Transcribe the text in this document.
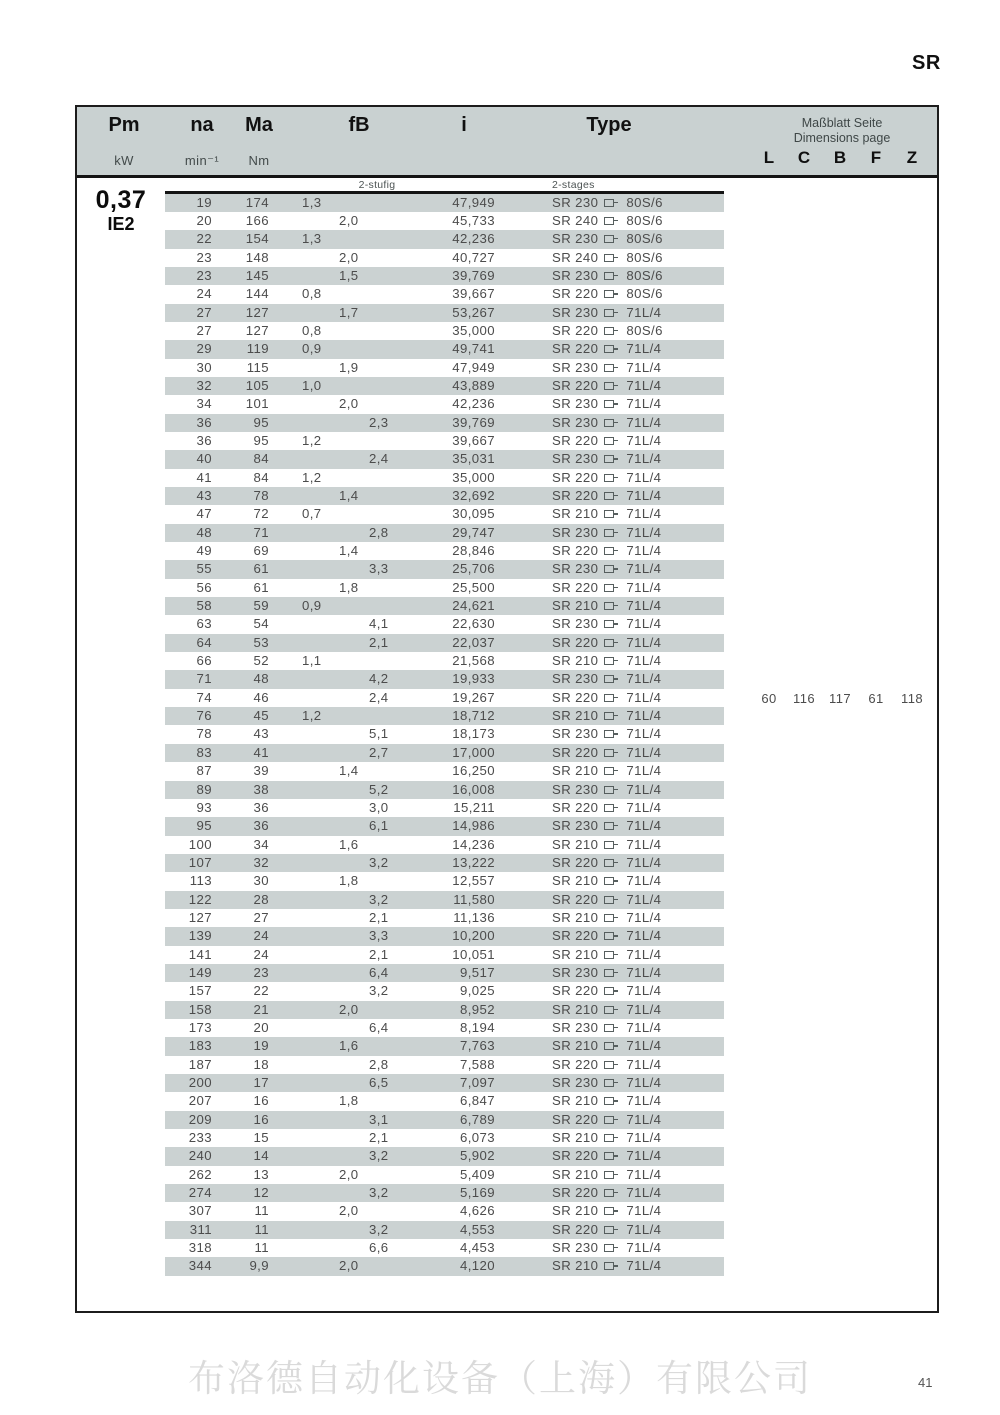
SR
Pm	na	Ma	fB	i	Type	Maßblatt Seite
Dimensions page
kW	min⁻¹	Nm	L	C	B	F	Z
2-stufig	2-stages
0,37
IE2
19	174	1,3	47,949	SR 230 80S/6
20	166	2,0	45,733	SR 240 80S/6
22	154	1,3	42,236	SR 230 80S/6
23	148	2,0	40,727	SR 240 80S/6
23	145	1,5	39,769	SR 230 80S/6
24	144	0,8	39,667	SR 220 80S/6
27	127	1,7	53,267	SR 230 71L/4
27	127	0,8	35,000	SR 220 80S/6
29	119	0,9	49,741	SR 220 71L/4
30	115	1,9	47,949	SR 230 71L/4
32	105	1,0	43,889	SR 220 71L/4
34	101	2,0	42,236	SR 230 71L/4
36	95	2,3	39,769	SR 230 71L/4
36	95	1,2	39,667	SR 220 71L/4
40	84	2,4	35,031	SR 230 71L/4
41	84	1,2	35,000	SR 220 71L/4
43	78	1,4	32,692	SR 220 71L/4
47	72	0,7	30,095	SR 210 71L/4
48	71	2,8	29,747	SR 230 71L/4
49	69	1,4	28,846	SR 220 71L/4
55	61	3,3	25,706	SR 230 71L/4
56	61	1,8	25,500	SR 220 71L/4
58	59	0,9	24,621	SR 210 71L/4
63	54	4,1	22,630	SR 230 71L/4
64	53	2,1	22,037	SR 220 71L/4
66	52	1,1	21,568	SR 210 71L/4
71	48	4,2	19,933	SR 230 71L/4
74	46	2,4	19,267	SR 220 71L/4
76	45	1,2	18,712	SR 210 71L/4
78	43	5,1	18,173	SR 230 71L/4
83	41	2,7	17,000	SR 220 71L/4
87	39	1,4	16,250	SR 210 71L/4
89	38	5,2	16,008	SR 230 71L/4
93	36	3,0	15,211	SR 220 71L/4
95	36	6,1	14,986	SR 230 71L/4
100	34	1,6	14,236	SR 210 71L/4
107	32	3,2	13,222	SR 220 71L/4
113	30	1,8	12,557	SR 210 71L/4
122	28	3,2	11,580	SR 220 71L/4
127	27	2,1	11,136	SR 210 71L/4
139	24	3,3	10,200	SR 220 71L/4
141	24	2,1	10,051	SR 210 71L/4
149	23	6,4	9,517	SR 230 71L/4
157	22	3,2	9,025	SR 220 71L/4
158	21	2,0	8,952	SR 210 71L/4
173	20	6,4	8,194	SR 230 71L/4
183	19	1,6	7,763	SR 210 71L/4
187	18	2,8	7,588	SR 220 71L/4
200	17	6,5	7,097	SR 230 71L/4
207	16	1,8	6,847	SR 210 71L/4
209	16	3,1	6,789	SR 220 71L/4
233	15	2,1	6,073	SR 210 71L/4
240	14	3,2	5,902	SR 220 71L/4
262	13	2,0	5,409	SR 210 71L/4
274	12	3,2	5,169	SR 220 71L/4
307	11	2,0	4,626	SR 210 71L/4
311	11	3,2	4,553	SR 220 71L/4
318	11	6,6	4,453	SR 230 71L/4
344	9,9	2,0	4,120	SR 210 71L/4
60	116	117	61	118
布洛德自动化设备（上海）有限公司	41
